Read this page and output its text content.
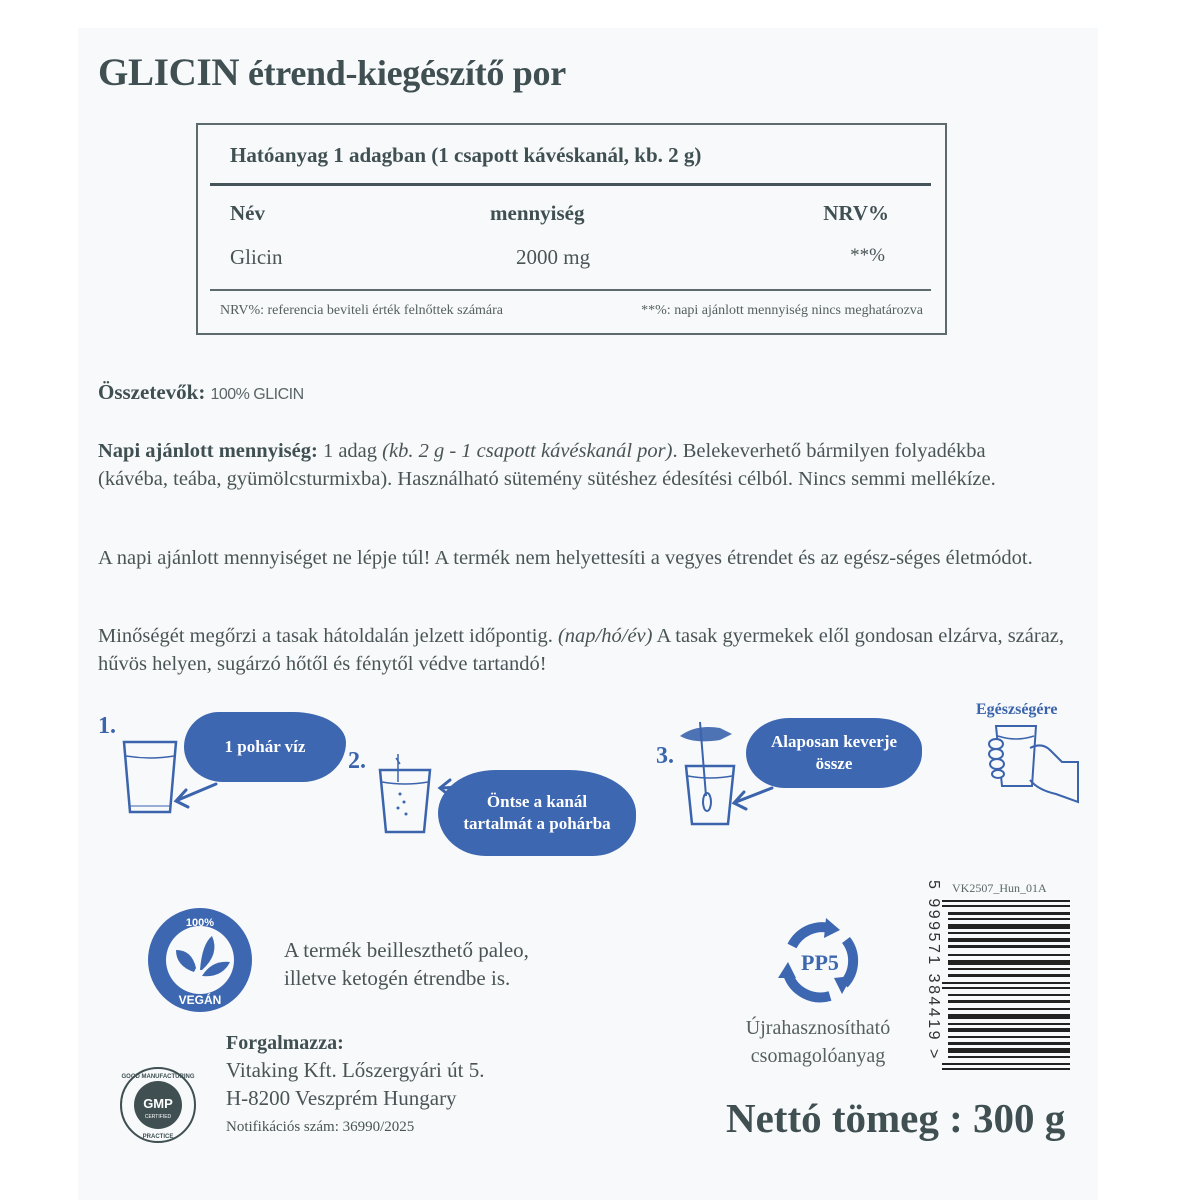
GLICIN étrend-kiegészítő por
Hatóanyag 1 adagban (1 csapott kávéskanál, kb. 2 g)
Név	mennyiség	NRV%
Glicin	2000 mg	**%
NRV%: referencia beviteli érték felnőttek számára	**%: napi ajánlott mennyiség nincs meghatározva
Összetevők: 100% GLICIN
Napi ajánlott mennyiség: 1 adag (kb. 2 g - 1 csapott kávéskanál por). Belekeverhető bármilyen folyadékba (kávéba, teába, gyümölcsturmixba). Használható sütemény sütéshez édesítési célból. Nincs semmi mellékíze.
A napi ajánlott mennyiséget ne lépje túl! A termék nem helyettesíti a vegyes étrendet és az egész-séges életmódot.
Minőségét megőrzi a tasak hátoldalán jelzett időpontig. (nap/hó/év) A tasak gyermekek elől gondosan elzárva, száraz, hűvös helyen, sugárzó hőtől és fénytől védve tartandó!
1.
1 pohár víz
2.
Öntse a kanál
tartalmát a pohárba
3.
Alaposan keverje
össze
Egészségére
100%
VEGÁN
A termék beilleszthető paleo,
illetve ketogén étrendbe is.
GMP
CERTIFIED
GOOD MANUFACTURING
PRACTICE
Forgalmazza:
Vitaking Kft. Lőszergyári út 5.
H-8200 Veszprém Hungary
Notifikációs szám: 36990/2025
PP5
Újrahasznosítható
csomagolóanyag
VK2507_Hun_01A
5 999571 384419 >
Nettó tömeg : 300 g
